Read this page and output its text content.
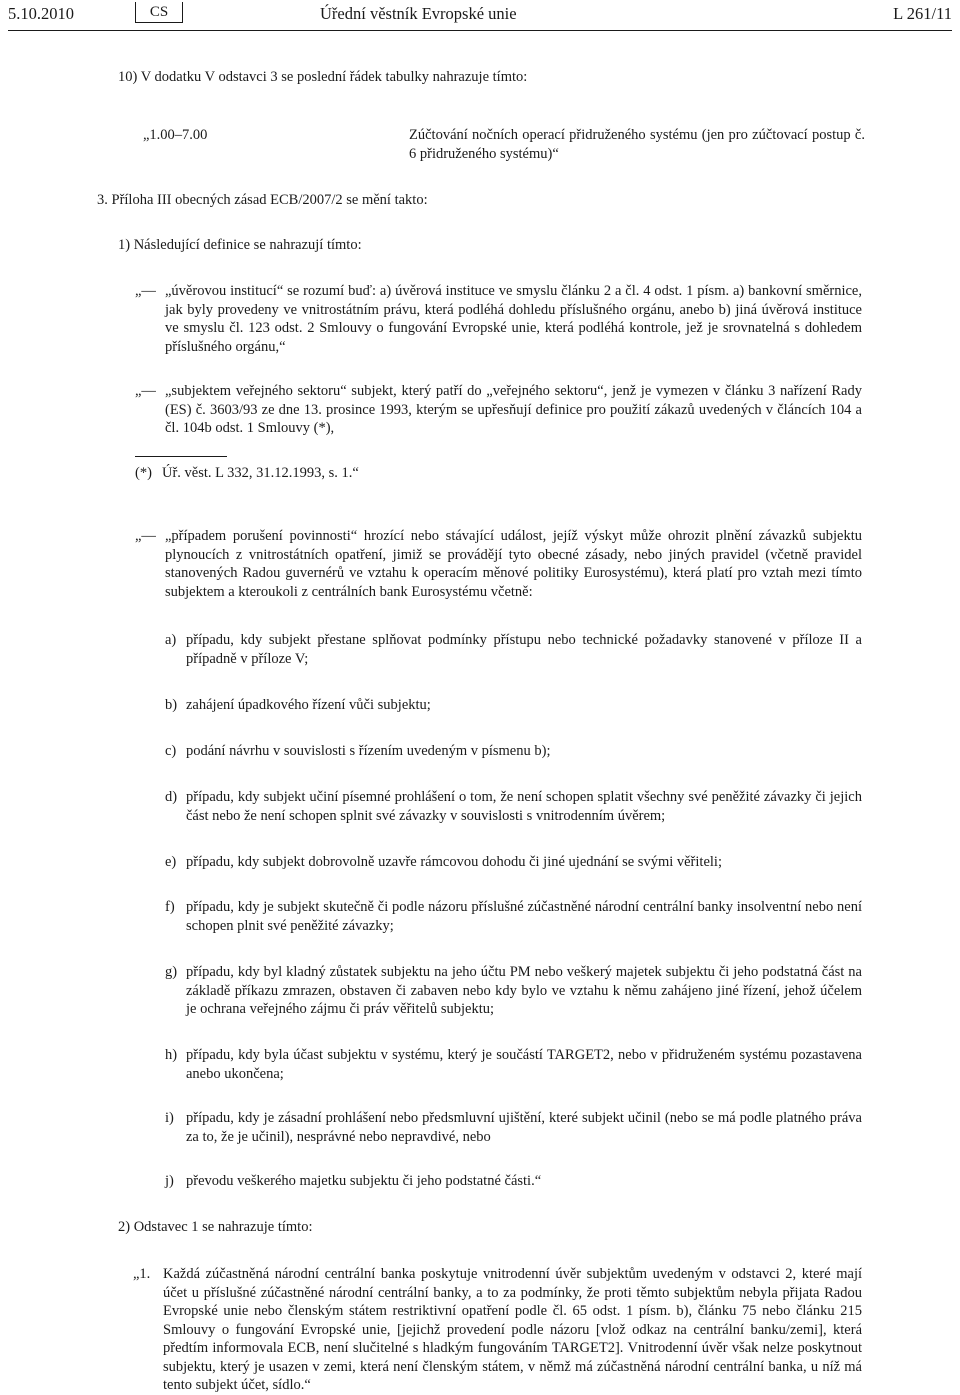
5.10.2010	CS	Úřední věstník Evropské unie	L 261/11
10) V dodatku V odstavci 3 se poslední řádek tabulky nahrazuje tímto:
„1.00–7.00	Zúčtování nočních operací přidruženého systému (jen pro zúčtovací postup č. 6 přidruženého systému)“
3. Příloha III obecných zásad ECB/2007/2 se mění takto:
1) Následující definice se nahrazují tímto:
„— „úvěrovou institucí“ se rozumí buď: a) úvěrová instituce ve smyslu článku 2 a čl. 4 odst. 1 písm. a) bankovní směrnice, jak byly provedeny ve vnitrostátním právu, která podléhá dohledu příslušného orgánu, anebo b) jiná úvěrová instituce ve smyslu čl. 123 odst. 2 Smlouvy o fungování Evropské unie, která podléhá kontrole, jež je srovnatelná s dohledem příslušného orgánu,“
„— „subjektem veřejného sektoru“ subjekt, který patří do „veřejného sektoru“, jenž je vymezen v článku 3 nařízení Rady (ES) č. 3603/93 ze dne 13. prosince 1993, kterým se upřesňují definice pro použití zákazů uvedených v článcích 104 a čl. 104b odst. 1 Smlouvy (*),
(*) Úř. věst. L 332, 31.12.1993, s. 1.“
„— „případem porušení povinnosti“ hrozící nebo stávající událost, jejíž výskyt může ohrozit plnění závazků subjektu plynoucích z vnitrostátních opatření, jimiž se provádějí tyto obecné zásady, nebo jiných pravidel (včetně pravidel stanovených Radou guvernérů ve vztahu k operacím měnové politiky Eurosystému), která platí pro vztah mezi tímto subjektem a kteroukoli z centrálních bank Eurosystému včetně:
a) případu, kdy subjekt přestane splňovat podmínky přístupu nebo technické požadavky stanovené v příloze II a případně v příloze V;
b) zahájení úpadkového řízení vůči subjektu;
c) podání návrhu v souvislosti s řízením uvedeným v písmenu b);
d) případu, kdy subjekt učiní písemné prohlášení o tom, že není schopen splatit všechny své peněžité závazky či jejich část nebo že není schopen splnit své závazky v souvislosti s vnitrodenním úvěrem;
e) případu, kdy subjekt dobrovolně uzavře rámcovou dohodu či jiné ujednání se svými věřiteli;
f) případu, kdy je subjekt skutečně či podle názoru příslušné zúčastněné národní centrální banky insolventní nebo není schopen plnit své peněžité závazky;
g) případu, kdy byl kladný zůstatek subjektu na jeho účtu PM nebo veškerý majetek subjektu či jeho podstatná část na základě příkazu zmrazen, obstaven či zabaven nebo kdy bylo ve vztahu k němu zahájeno jiné řízení, jehož účelem je ochrana veřejného zájmu či práv věřitelů subjektu;
h) případu, kdy byla účast subjektu v systému, který je součástí TARGET2, nebo v přidruženém systému pozastavena anebo ukončena;
i) případu, kdy je zásadní prohlášení nebo předsmluvní ujištění, které subjekt učinil (nebo se má podle platného práva za to, že je učinil), nesprávné nebo nepravdivé, nebo
j) převodu veškerého majetku subjektu či jeho podstatné části.“
2) Odstavec 1 se nahrazuje tímto:
„1. Každá zúčastněná národní centrální banka poskytuje vnitrodenní úvěr subjektům uvedeným v odstavci 2, které mají účet u příslušné zúčastněné národní centrální banky, a to za podmínky, že proti těmto subjektům nebyla přijata Radou Evropské unie nebo členským státem restriktivní opatření podle čl. 65 odst. 1 písm. b), článku 75 nebo článku 215 Smlouvy o fungování Evropské unie, [jejichž provedení podle názoru [vlož odkaz na centrální banku/zemi], která předtím informovala ECB, není slučitelné s hladkým fungováním TARGET2]. Vnitrodenní úvěr však nelze poskytnout subjektu, který je usazen v zemi, která není členským státem, v němž má zúčastněná národní centrální banka, u níž má tento subjekt účet, sídlo.“
